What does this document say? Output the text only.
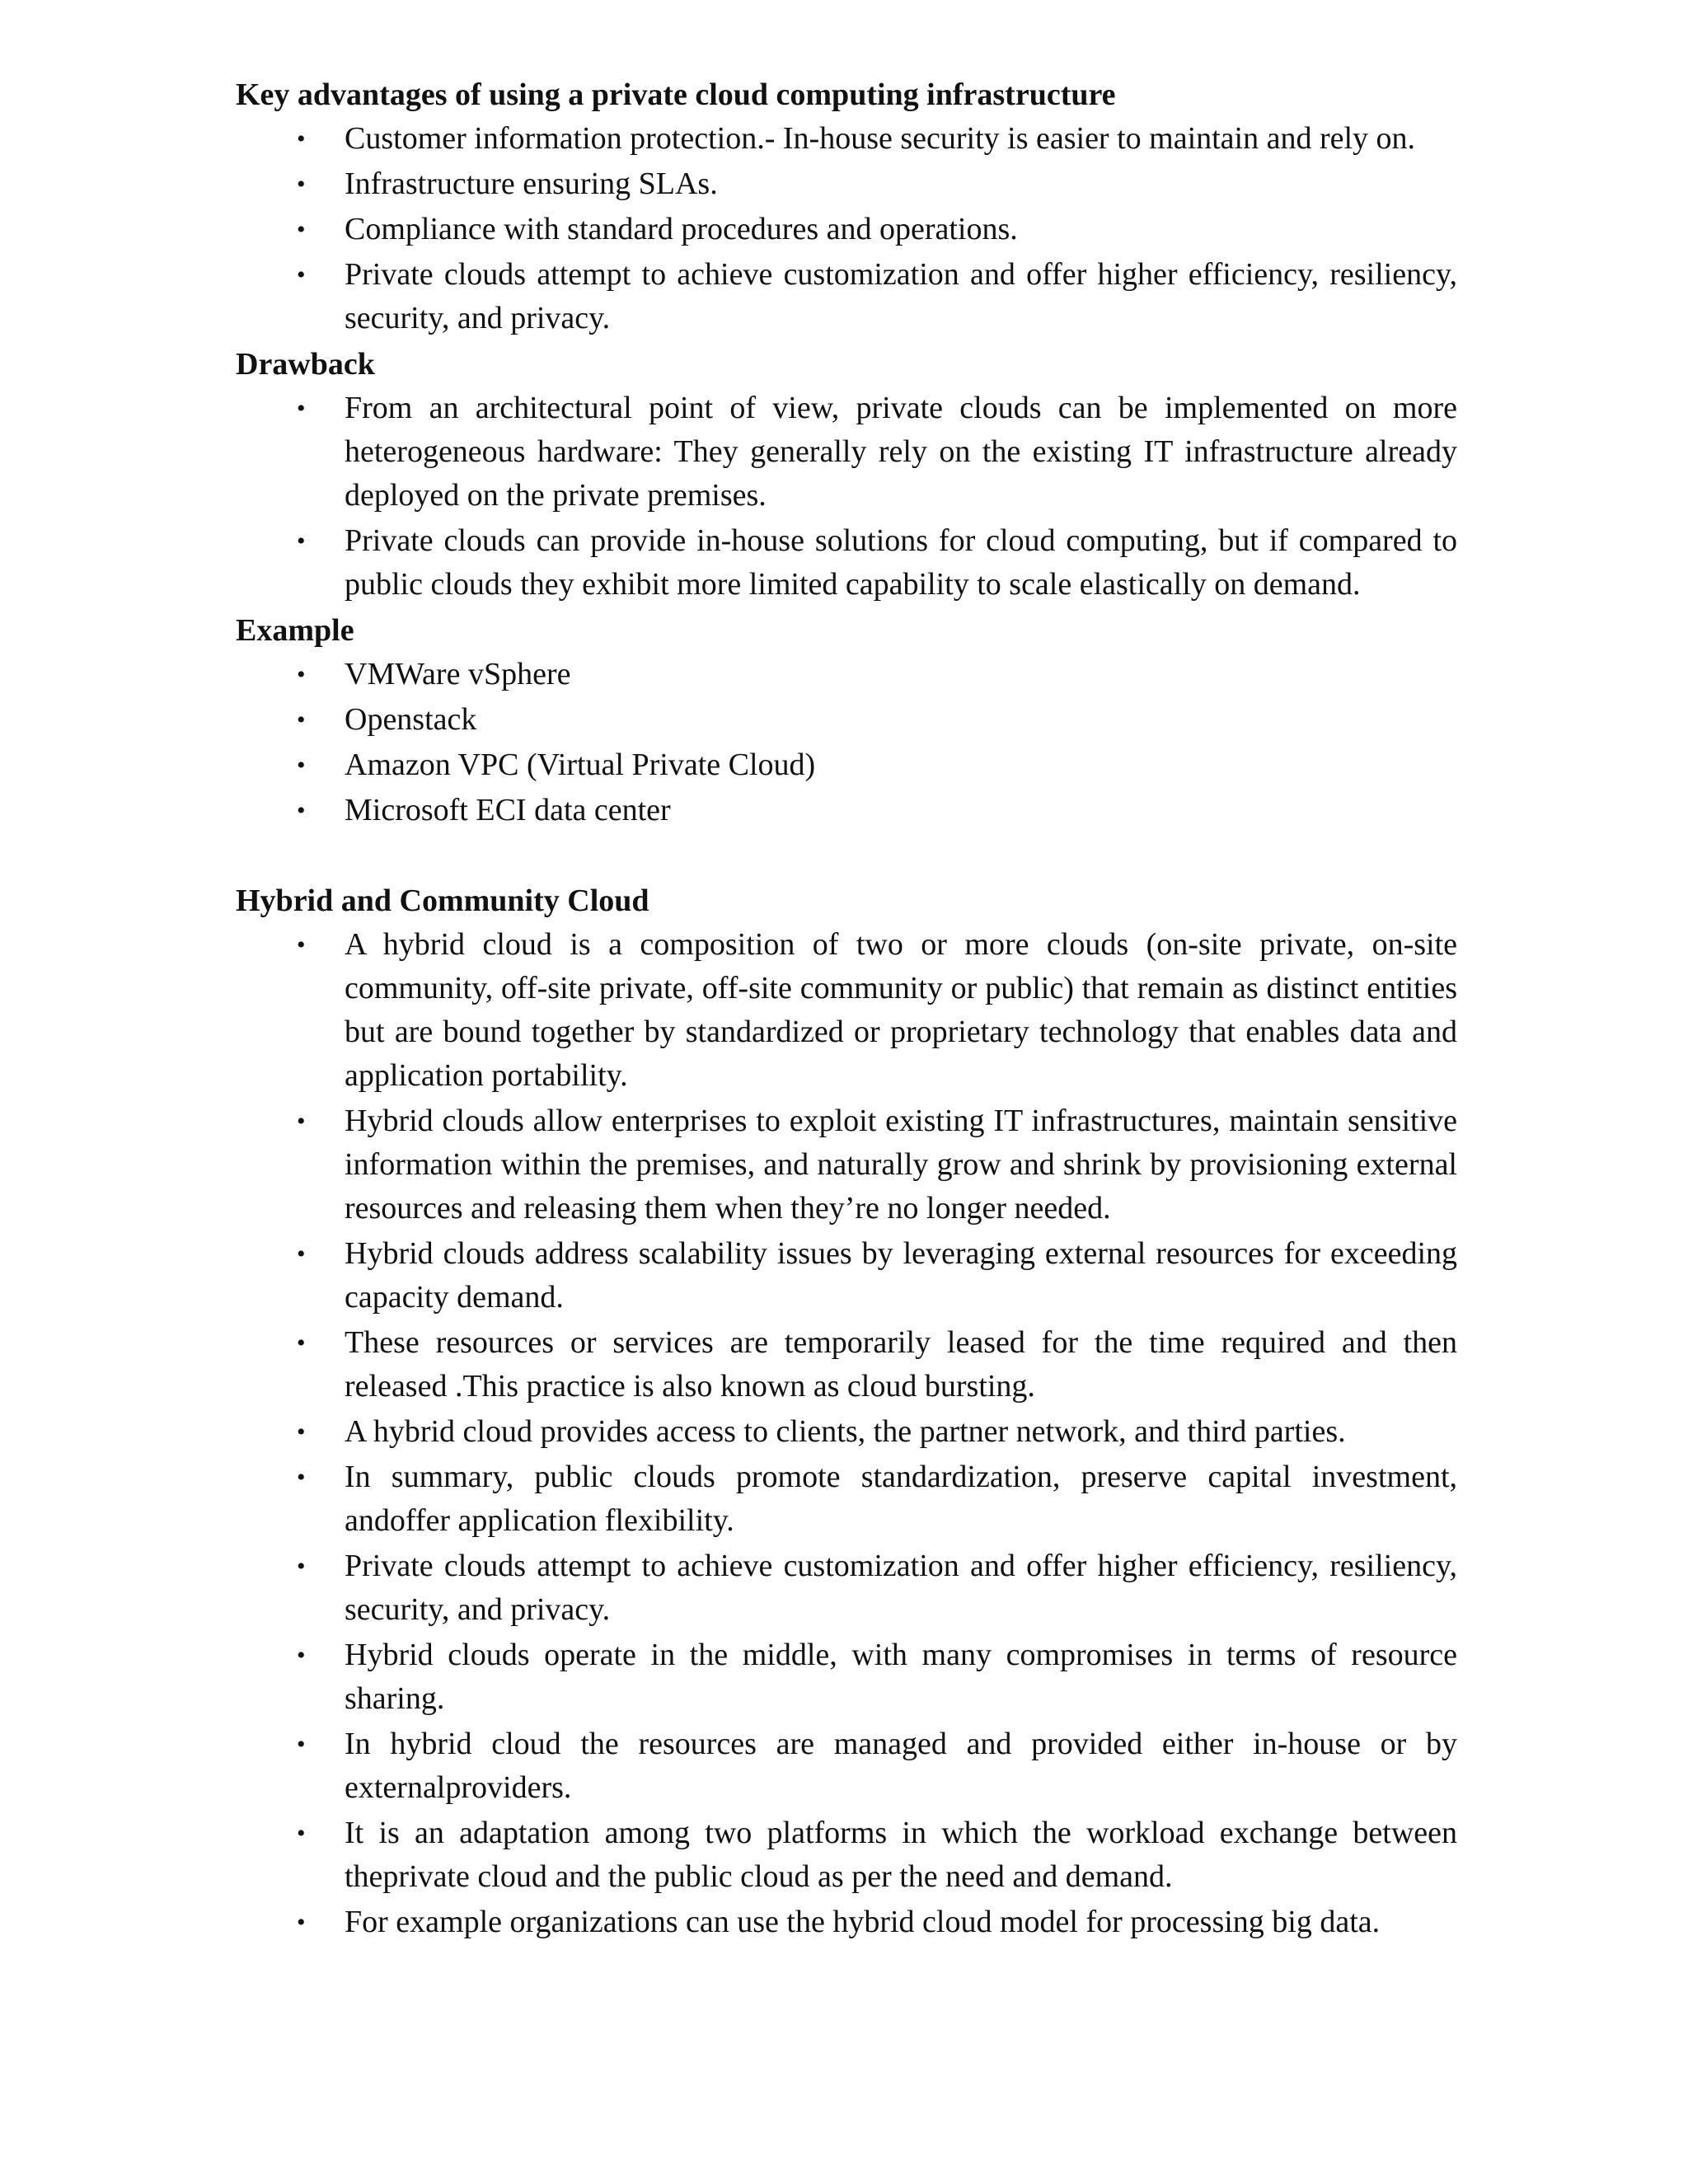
Key advantages of using a private cloud computing infrastructure
• Customer information protection.- In-house security is easier to maintain and rely on.
• Infrastructure ensuring SLAs.
• Compliance with standard procedures and operations.
• Private clouds attempt to achieve customization and offer higher efficiency, resiliency, security, and privacy.
Drawback
• From an architectural point of view, private clouds can be implemented on more heterogeneous hardware: They generally rely on the existing IT infrastructure already deployed on the private premises.
• Private clouds can provide in-house solutions for cloud computing, but if compared to public clouds they exhibit more limited capability to scale elastically on demand.
Example
• VMWare vSphere
• Openstack
• Amazon VPC (Virtual Private Cloud)
• Microsoft ECI data center
Hybrid and Community Cloud
• A hybrid cloud is a composition of two or more clouds (on-site private, on-site community, off-site private, off-site community or public) that remain as distinct entities but are bound together by standardized or proprietary technology that enables data and application portability.
• Hybrid clouds allow enterprises to exploit existing IT infrastructures, maintain sensitive information within the premises, and naturally grow and shrink by provisioning external resources and releasing them when they’re no longer needed.
• Hybrid clouds address scalability issues by leveraging external resources for exceeding capacity demand.
• These resources or services are temporarily leased for the time required and then released .This practice is also known as cloud bursting.
• A hybrid cloud provides access to clients, the partner network, and third parties.
• In summary, public clouds promote standardization, preserve capital investment, andoffer application flexibility.
• Private clouds attempt to achieve customization and offer higher efficiency, resiliency, security, and privacy.
• Hybrid clouds operate in the middle, with many compromises in terms of resource sharing.
• In hybrid cloud the resources are managed and provided either in-house or by externalproviders.
• It is an adaptation among two platforms in which the workload exchange between theprivate cloud and the public cloud as per the need and demand.
• For example organizations can use the hybrid cloud model for processing big data.
